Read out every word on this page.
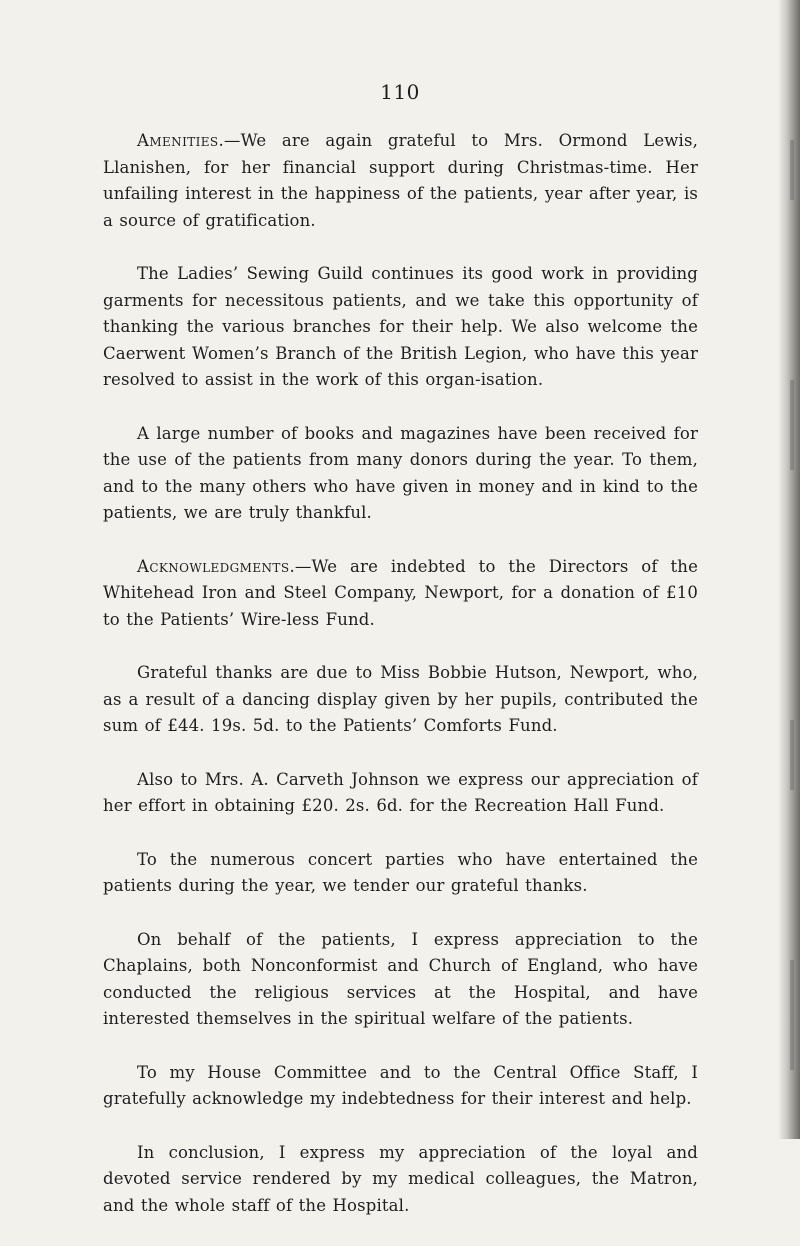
110

Amenities.—We are again grateful to Mrs. Ormond Lewis, Llanishen, for her financial support during Christmas-time. Her unfailing interest in the happiness of the patients, year after year, is a source of gratification.

The Ladies’ Sewing Guild continues its good work in providing garments for necessitous patients, and we take this opportunity of thanking the various branches for their help. We also welcome the Caerwent Women’s Branch of the British Legion, who have this year resolved to assist in the work of this organ-isation.

A large number of books and magazines have been received for the use of the patients from many donors during the year. To them, and to the many others who have given in money and in kind to the patients, we are truly thankful.

Acknowledgments.—We are indebted to the Directors of the Whitehead Iron and Steel Company, Newport, for a donation of £10 to the Patients’ Wire-less Fund.

Grateful thanks are due to Miss Bobbie Hutson, Newport, who, as a result of a dancing display given by her pupils, contributed the sum of £44. 19s. 5d. to the Patients’ Comforts Fund.

Also to Mrs. A. Carveth Johnson we express our appreciation of her effort in obtaining £20. 2s. 6d. for the Recreation Hall Fund.

To the numerous concert parties who have entertained the patients during the year, we tender our grateful thanks.

On behalf of the patients, I express appreciation to the Chaplains, both Nonconformist and Church of England, who have conducted the religious services at the Hospital, and have interested themselves in the spiritual welfare of the patients.

To my House Committee and to the Central Office Staff, I gratefully acknowledge my indebtedness for their interest and help.

In conclusion, I express my appreciation of the loyal and devoted service rendered by my medical colleagues, the Matron, and the whole staff of the Hospital.
